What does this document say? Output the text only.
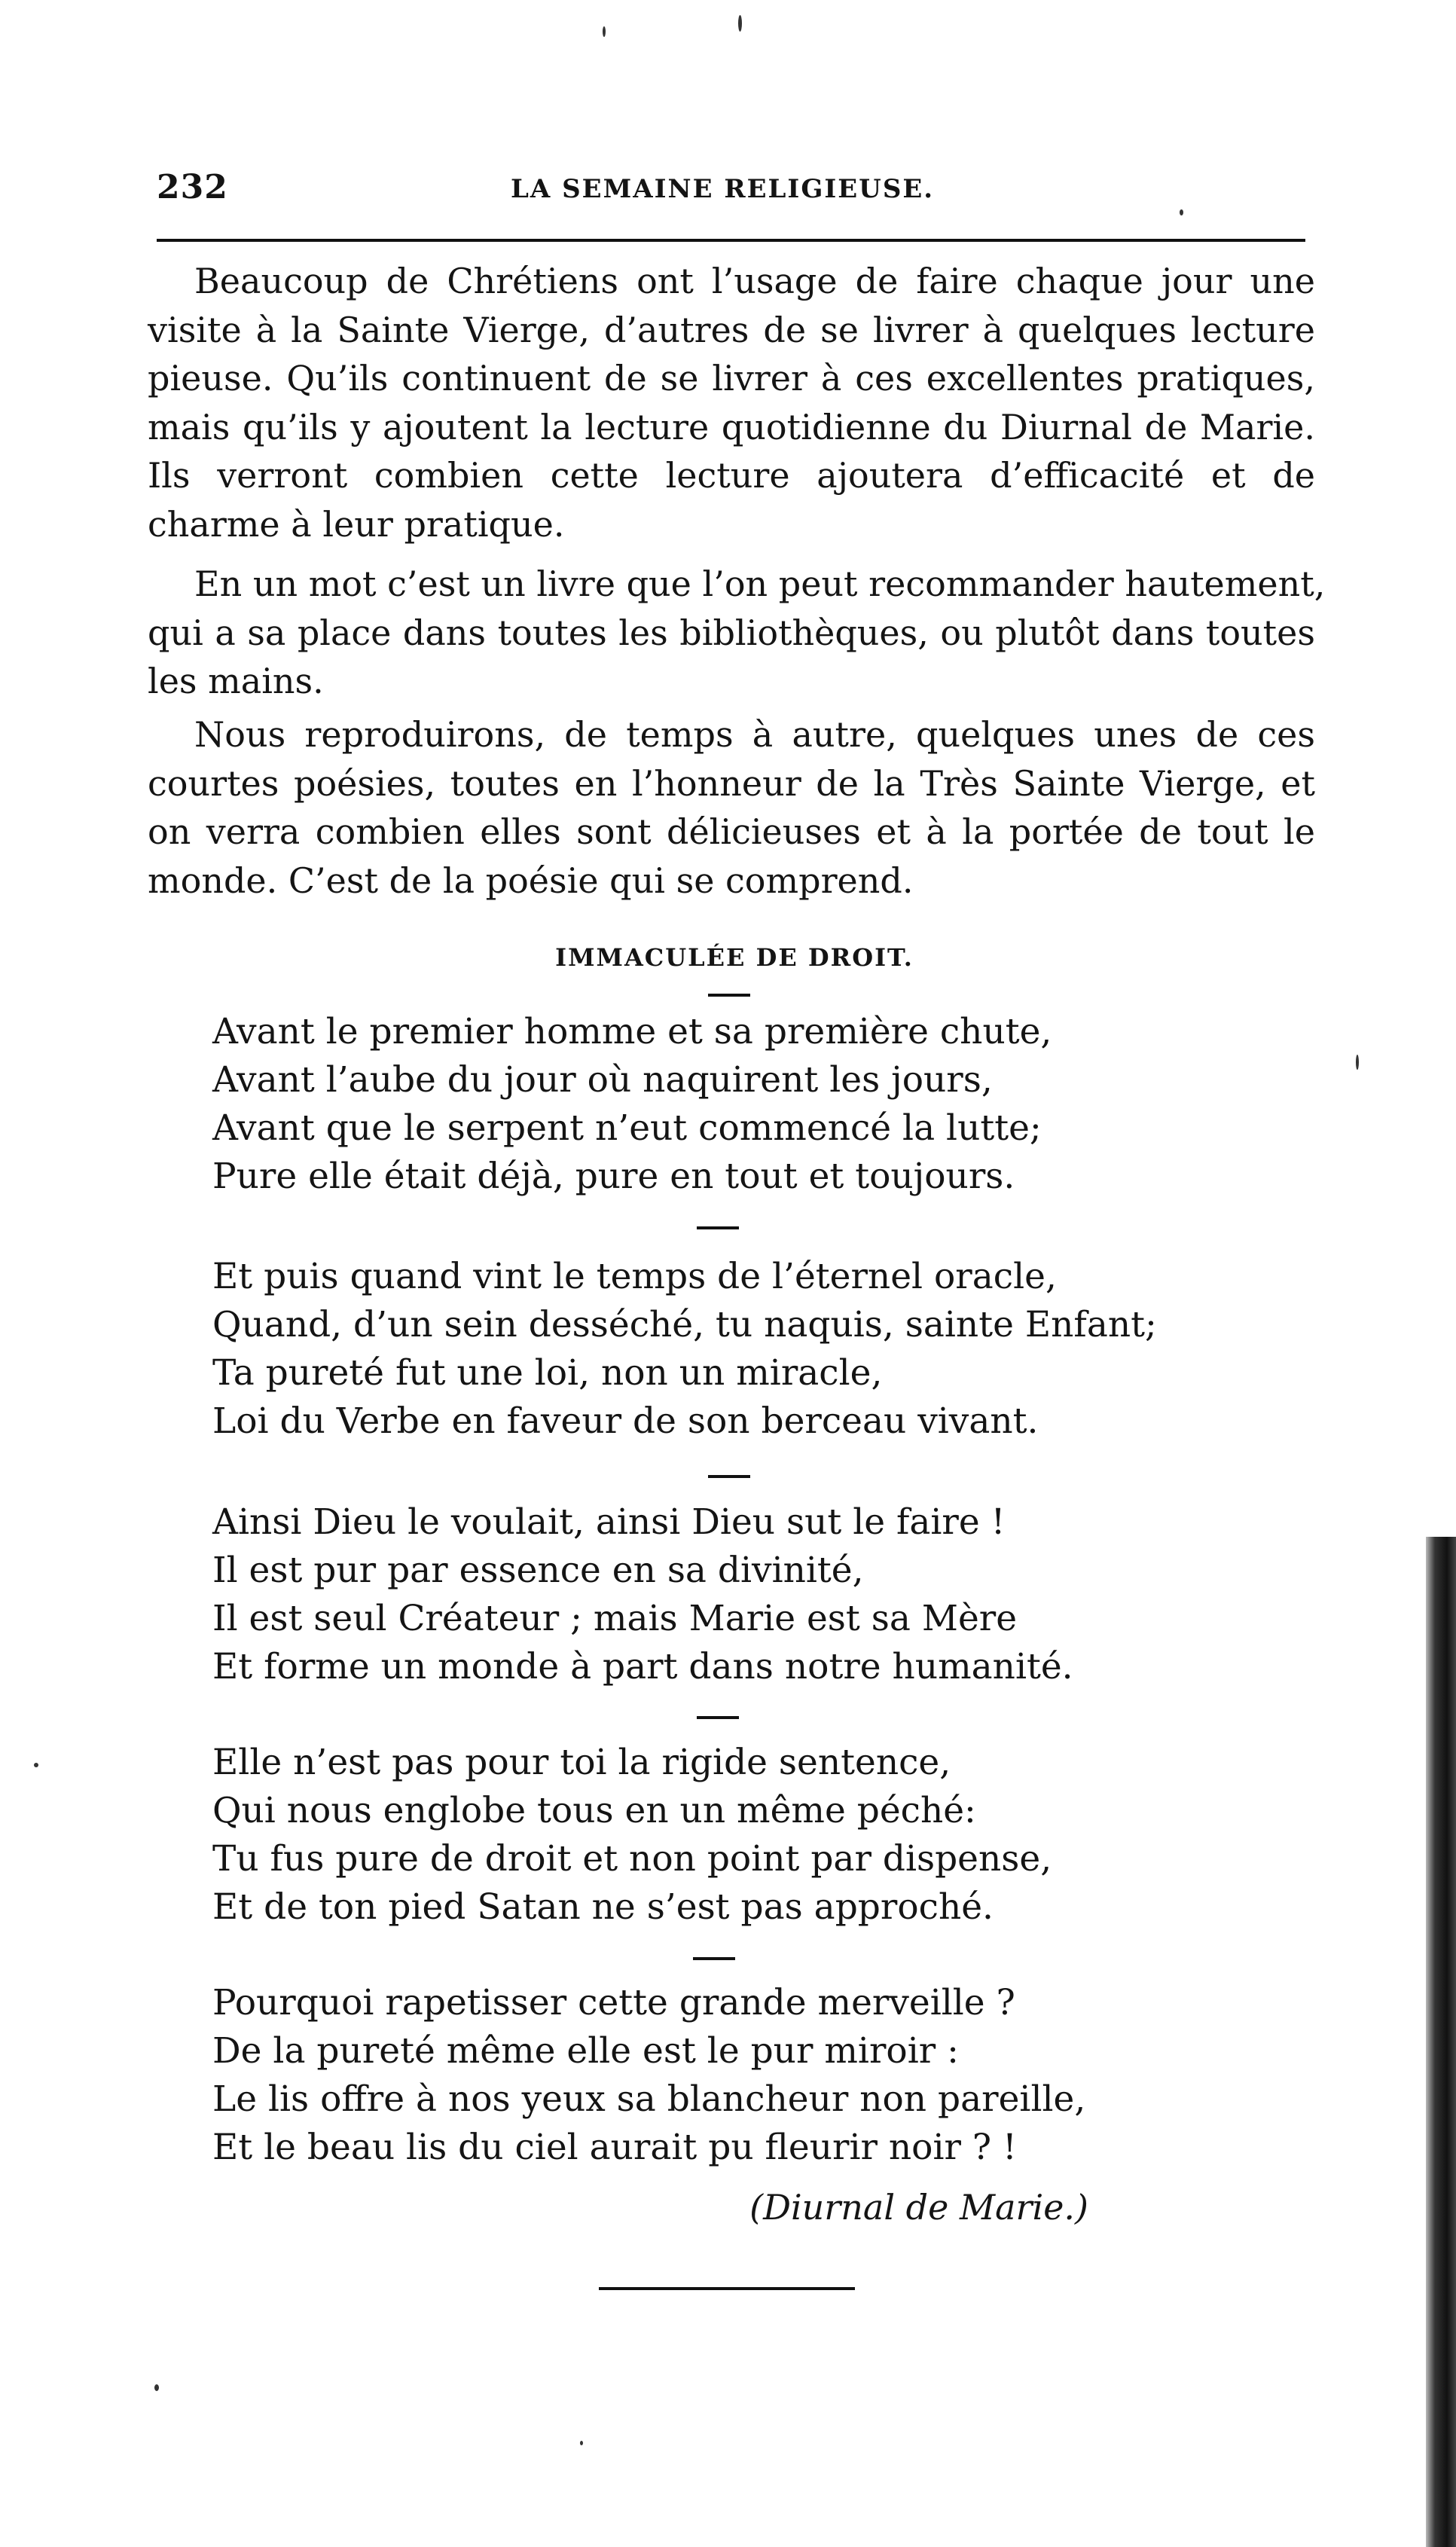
232	LA SEMAINE RELIGIEUSE.
Beaucoup de Chrétiens ont l’usage de faire chaque jour une
visite à la Sainte Vierge, d’autres de se livrer à quelques lecture
pieuse. Qu’ils continuent de se livrer à ces excellentes pratiques,
mais qu’ils y ajoutent la lecture quotidienne du Diurnal de Marie.
Ils verront combien cette lecture ajoutera d’efficacité et de
charme à leur pratique.
En un mot c’est un livre que l’on peut recommander hautement,
qui a sa place dans toutes les bibliothèques, ou plutôt dans toutes
les mains.
Nous reproduirons, de temps à autre, quelques unes de ces
courtes poésies, toutes en l’honneur de la Très Sainte Vierge, et
on verra combien elles sont délicieuses et à la portée de tout le
monde. C’est de la poésie qui se comprend.
IMMACULÉE DE DROIT.
Avant le premier homme et sa première chute,
Avant l’aube du jour où naquirent les jours,
Avant que le serpent n’eut commencé la lutte;
Pure elle était déjà, pure en tout et toujours.
Et puis quand vint le temps de l’éternel oracle,
Quand, d’un sein desséché, tu naquis, sainte Enfant;
Ta pureté fut une loi, non un miracle,
Loi du Verbe en faveur de son berceau vivant.
Ainsi Dieu le voulait, ainsi Dieu sut le faire !
Il est pur par essence en sa divinité,
Il est seul Créateur ; mais Marie est sa Mère
Et forme un monde à part dans notre humanité.
Elle n’est pas pour toi la rigide sentence,
Qui nous englobe tous en un même péché:
Tu fus pure de droit et non point par dispense,
Et de ton pied Satan ne s’est pas approché.
Pourquoi rapetisser cette grande merveille ?
De la pureté même elle est le pur miroir :
Le lis offre à nos yeux sa blancheur non pareille,
Et le beau lis du ciel aurait pu fleurir noir ? !
(Diurnal de Marie.)
